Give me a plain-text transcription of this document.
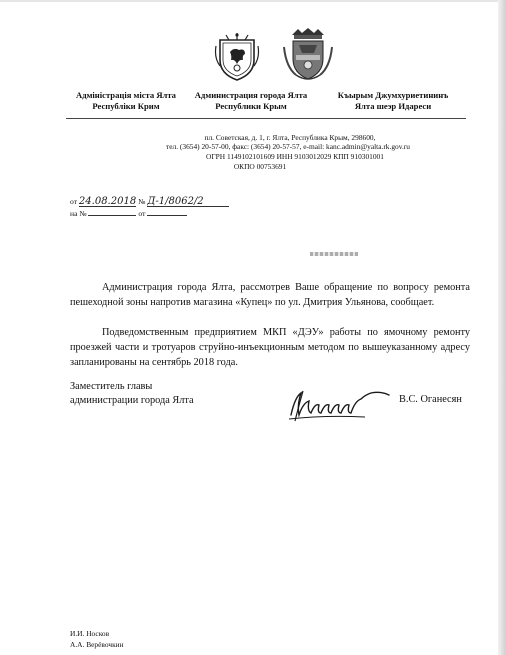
Адміністрація міста Ялта
Республіки Крим
Администрация города Ялта
Республики Крым
Къырым Джумхуриетининъ
Ялта шеэр Идареси
пл. Советская, д. 1, г. Ялта, Республика Крым, 298600,
тел. (3654) 20-57-00, факс: (3654) 20-57-57, e-mail: kanc.admin@yalta.rk.gov.ru
ОГРН 1149102101609 ИНН 9103012029 КПП 910301001
ОКПО 00753691
от 24.08.2018 № Д-1/8062/2
на №	от
Администрация города Ялта, рассмотрев Ваше обращение по вопросу ремонта пешеходной зоны напротив магазина «Купец» по ул. Дмитрия Ульянова, сообщает.
Подведомственным предприятием МКП «ДЭУ» работы по ямочному ремонту проезжей части и тротуаров струйно-инъекционным методом по вышеуказанному адресу запланированы на сентябрь 2018 года.
Заместитель главы
администрации города Ялта	В.С. Оганесян
И.И. Носков
А.А. Верёвочкин
